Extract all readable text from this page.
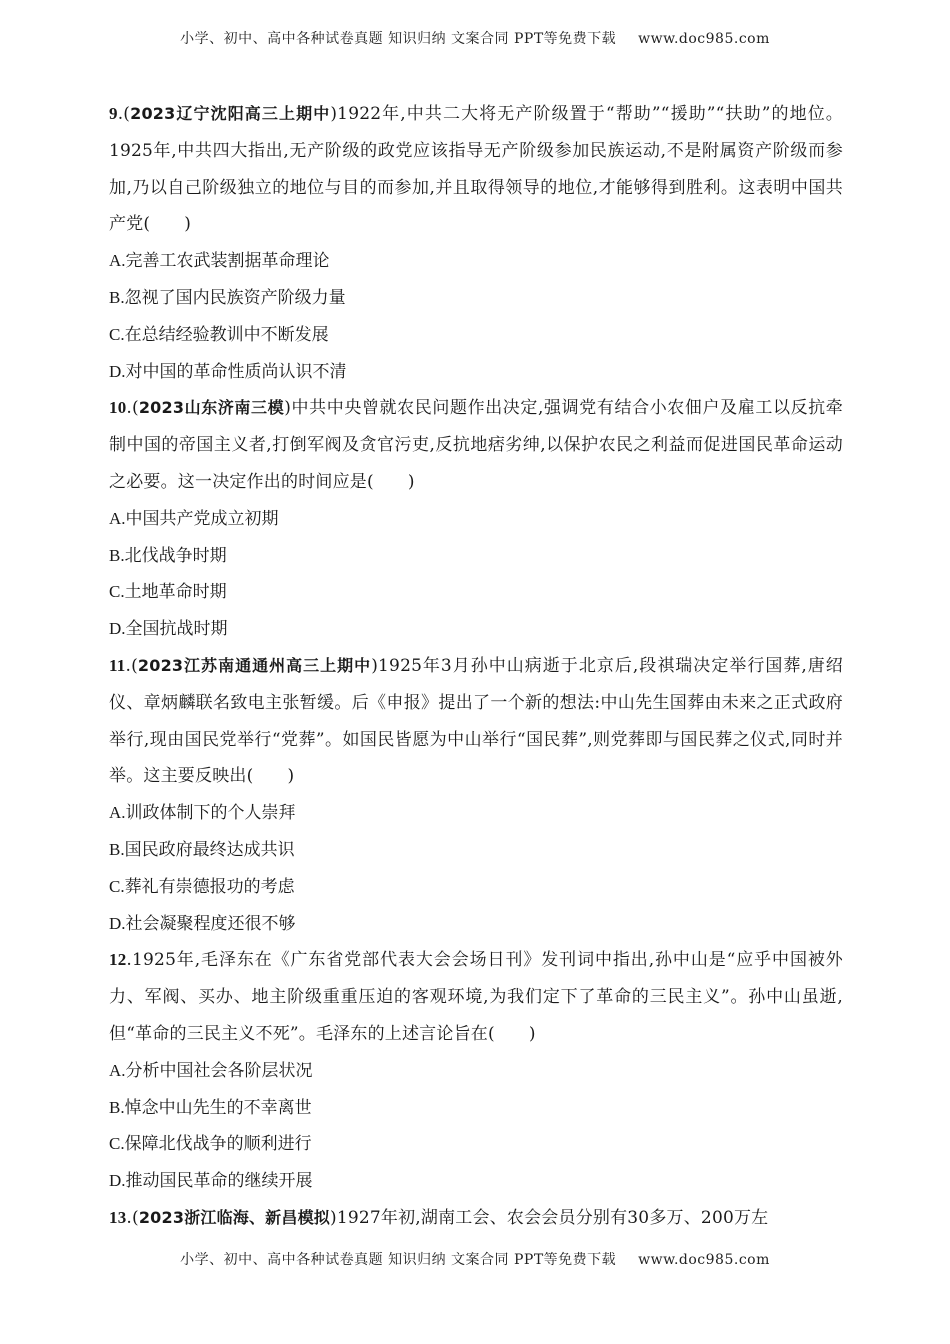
小学、初中、高中各种试卷真题 知识归纳 文案合同 PPT等免费下载 www.doc985.com

9.(2023辽宁沈阳高三上期中)1922年,中共二大将无产阶级置于“帮助”“援助”“扶助”的地位。1925年,中共四大指出,无产阶级的政党应该指导无产阶级参加民族运动,不是附属资产阶级而参加,乃以自己阶级独立的地位与目的而参加,并且取得领导的地位,才能够得到胜利。这表明中国共产党( )

A.完善工农武装割据革命理论

B.忽视了国内民族资产阶级力量

C.在总结经验教训中不断发展

D.对中国的革命性质尚认识不清

10.(2023山东济南三模)中共中央曾就农民问题作出决定,强调党有结合小农佃户及雇工以反抗牵制中国的帝国主义者,打倒军阀及贪官污吏,反抗地痞劣绅,以保护农民之利益而促进国民革命运动之必要。这一决定作出的时间应是( )

A.中国共产党成立初期

B.北伐战争时期

C.土地革命时期

D.全国抗战时期

11.(2023江苏南通通州高三上期中)1925年3月孙中山病逝于北京后,段祺瑞决定举行国葬,唐绍仪、章炳麟联名致电主张暂缓。后《申报》提出了一个新的想法:中山先生国葬由未来之正式政府举行,现由国民党举行“党葬”。如国民皆愿为中山举行“国民葬”,则党葬即与国民葬之仪式,同时并举。这主要反映出( )

A.训政体制下的个人崇拜

B.国民政府最终达成共识

C.葬礼有崇德报功的考虑

D.社会凝聚程度还很不够

12.1925年,毛泽东在《广东省党部代表大会会场日刊》发刊词中指出,孙中山是“应乎中国被外力、军阀、买办、地主阶级重重压迫的客观环境,为我们定下了革命的三民主义”。孙中山虽逝,但“革命的三民主义不死”。毛泽东的上述言论旨在( )

A.分析中国社会各阶层状况

B.悼念中山先生的不幸离世

C.保障北伐战争的顺利进行

D.推动国民革命的继续开展

13.(2023浙江临海、新昌模拟)1927年初,湖南工会、农会会员分别有30多万、200万左

小学、初中、高中各种试卷真题 知识归纳 文案合同 PPT等免费下载 www.doc985.com
